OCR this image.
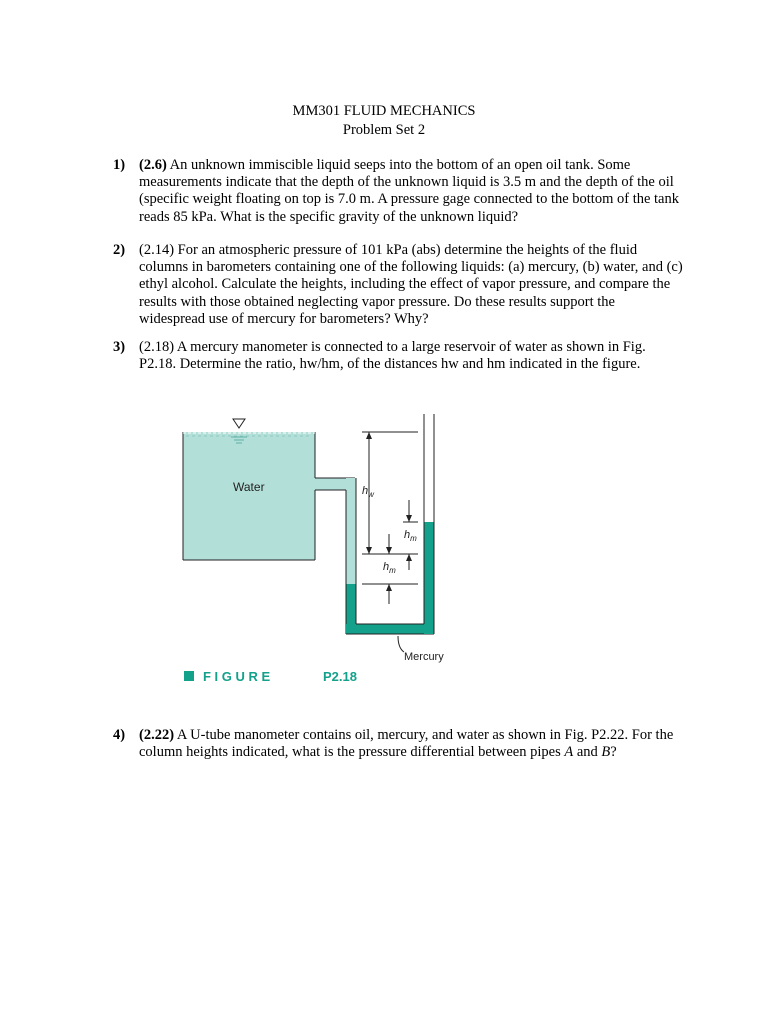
MM301 FLUID MECHANICS
Problem Set 2
1) (2.6) An unknown immiscible liquid seeps into the bottom of an open oil tank. Some measurements indicate that the depth of the unknown liquid is 3.5 m and the depth of the oil (specific weight floating on top is 7.0 m. A pressure gage connected to the bottom of the tank reads 85 kPa. What is the specific gravity of the unknown liquid?
2) (2.14) For an atmospheric pressure of 101 kPa (abs) determine the heights of the fluid columns in barometers containing one of the following liquids: (a) mercury, (b) water, and (c) ethyl alcohol. Calculate the heights, including the effect of vapor pressure, and compare the results with those obtained neglecting vapor pressure. Do these results support the widespread use of mercury for barometers? Why?
3) (2.18) A mercury manometer is connected to a large reservoir of water as shown in Fig. P2.18. Determine the ratio, hw/hm, of the distances hw and hm indicated in the figure.
Water	$h_w$
$h_m$
$h_m$
Mercury
F I G U R E	P2.18
4) (2.22) A U-tube manometer contains oil, mercury, and water as shown in Fig. P2.22. For the column heights indicated, what is the pressure differential between pipes A and B?
